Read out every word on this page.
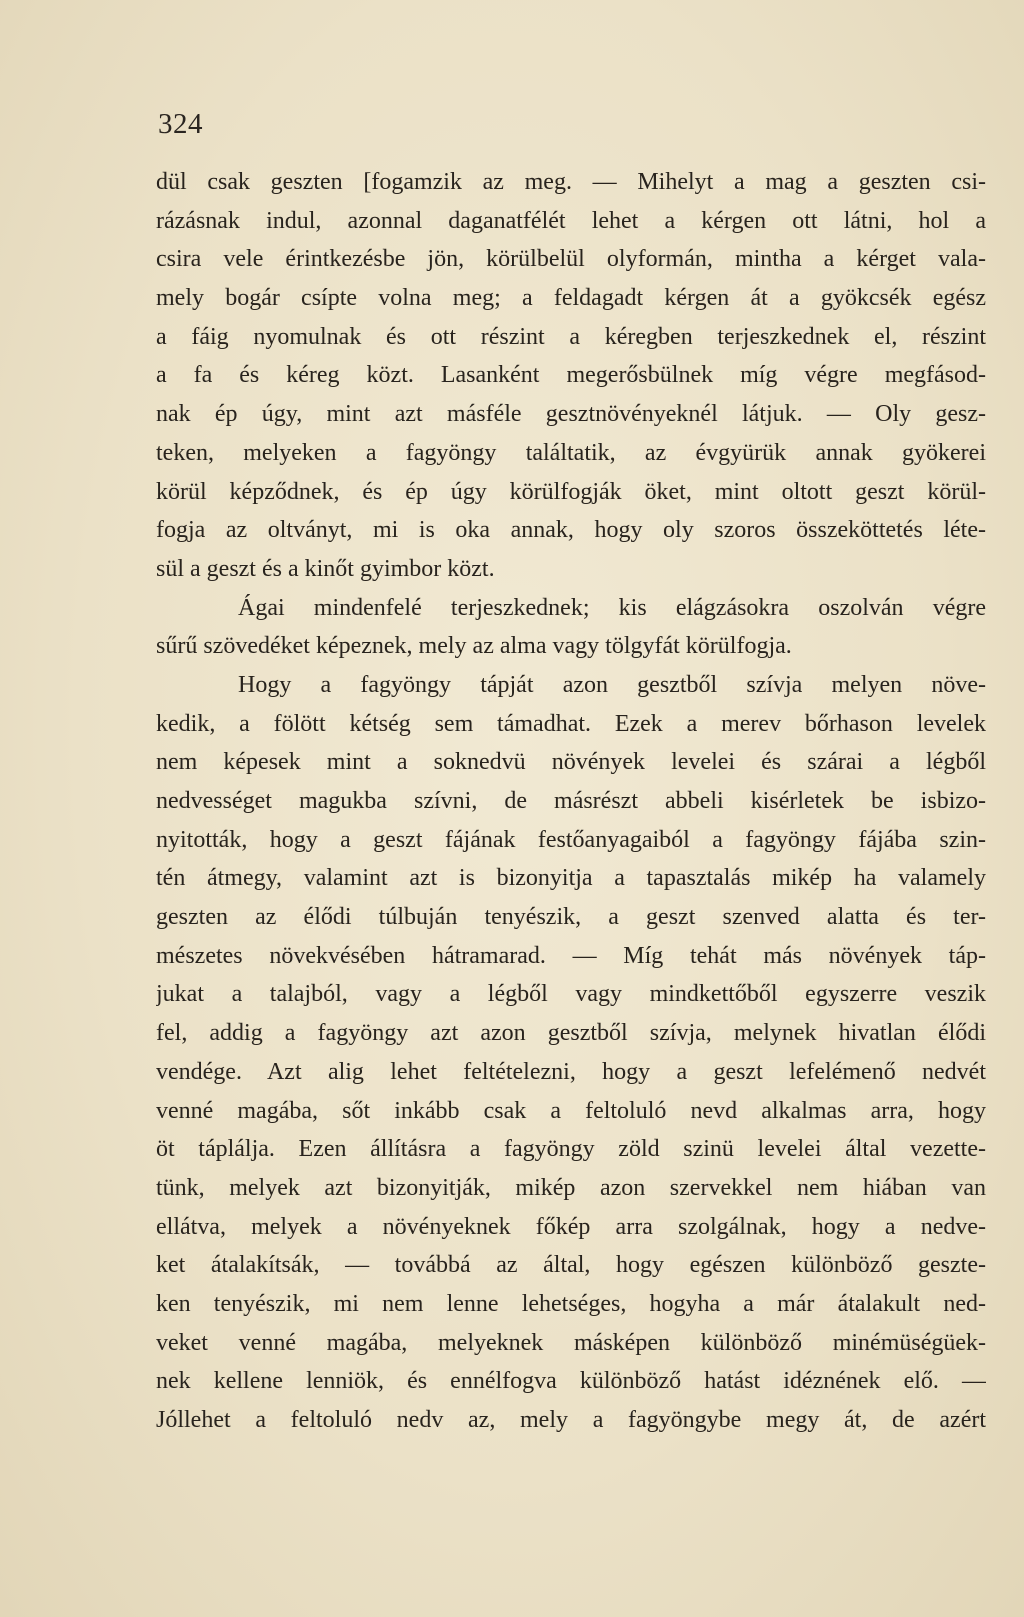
324
dül csak geszten [fogamzik az meg. — Mihelyt a mag a geszten csi-
rázásnak indul, azonnal daganatfélét lehet a kérgen ott látni, hol a
csira vele érintkezésbe jön, körülbelül olyformán, mintha a kérget vala-
mely bogár csípte volna meg; a feldagadt kérgen át a gyökcsék egész
a fáig nyomulnak és ott részint a kéregben terjeszkednek el, részint
a fa és kéreg közt. Lasanként megerősbülnek míg végre megfásod-
nak ép úgy, mint azt másféle gesztnövényeknél látjuk. — Oly gesz-
teken, melyeken a fagyöngy találtatik, az évgyürük annak gyökerei
körül képződnek, és ép úgy körülfogják öket, mint oltott geszt körül-
fogja az oltványt, mi is oka annak, hogy oly szoros összeköttetés léte-
sül a geszt és a kinőt gyimbor közt.
Ágai mindenfelé terjeszkednek; kis elágzásokra oszolván végre
sűrű szövedéket képeznek, mely az alma vagy tölgyfát körülfogja.
Hogy a fagyöngy tápját azon gesztből szívja melyen növe-
kedik, a fölött kétség sem támadhat. Ezek a merev bőrhason levelek
nem képesek mint a soknedvü növények levelei és szárai a légből
nedvességet magukba szívni, de másrészt abbeli kisérletek be isbizo-
nyitották, hogy a geszt fájának festőanyagaiból a fagyöngy fájába szin-
tén átmegy, valamint azt is bizonyitja a tapasztalás mikép ha valamely
geszten az élődi túlbuján tenyészik, a geszt szenved alatta és ter-
mészetes növekvésében hátramarad. — Míg tehát más növények táp-
jukat a talajból, vagy a légből vagy mindkettőből egyszerre veszik
fel, addig a fagyöngy azt azon gesztből szívja, melynek hivatlan élődi
vendége. Azt alig lehet feltételezni, hogy a geszt lefelémenő nedvét
venné magába, sőt inkább csak a feltoluló nevd alkalmas arra, hogy
öt táplálja. Ezen állításra a fagyöngy zöld szinü levelei által vezette-
tünk, melyek azt bizonyitják, mikép azon szervekkel nem hiában van
ellátva, melyek a növényeknek főkép arra szolgálnak, hogy a nedve-
ket átalakítsák, — továbbá az által, hogy egészen különböző geszte-
ken tenyészik, mi nem lenne lehetséges, hogyha a már átalakult ned-
veket venné magába, melyeknek másképen különböző minémüségüek-
nek kellene lenniök, és ennélfogva különböző hatást idéznének elő. —
Jóllehet a feltoluló nedv az, mely a fagyöngybe megy át, de azért
